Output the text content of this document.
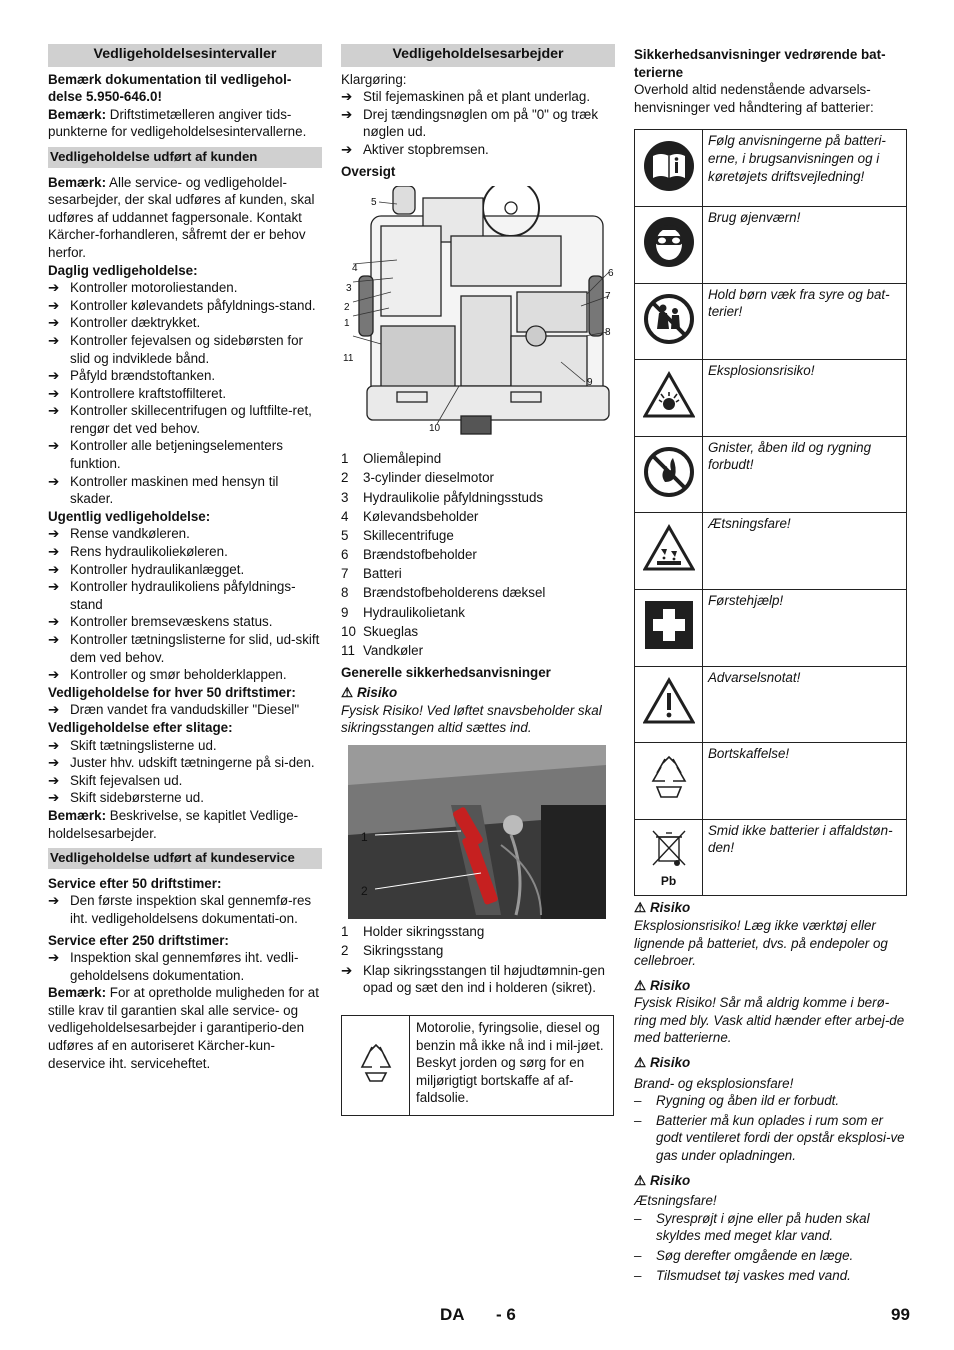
Vedligeholdelsesintervaller

Bemærk dokumentation til vedligehol-delse 5.950-646.0!

Bemærk: Driftstimetælleren angiver tids-punkterne for vedligeholdelsesintervallerne.

Vedligeholdelse udført af kunden

Bemærk: Alle service- og vedligeholdel-sesarbejder, der skal udføres af kunden, skal udføres af uddannet fagpersonale. Kontakt Kärcher-forhandleren, såfremt der er behov herfor.

Daglig vedligeholdelse:

➔ Kontroller motoroliestanden.
➔ Kontroller kølevandets påfyldnings-stand.
➔ Kontroller dæktrykket.
➔ Kontroller fejevalsen og sidebørsten for slid og indviklede bånd.
➔ Påfyld brændstoftanken.
➔ Kontrollere kraftstoffilteret.
➔ Kontroller skillecentrifugen og luftfilte-ret, rengør det ved behov.
➔ Kontroller alle betjeningselementers funktion.
➔ Kontroller maskinen med hensyn til skader.

Ugentlig vedligeholdelse:

➔ Rense vandkøleren.
➔ Rens hydraulikoliekøleren.
➔ Kontroller hydraulikanlægget.
➔ Kontroller hydraulikoliens påfyldnings-stand
➔ Kontroller bremsevæskens status.
➔ Kontroller tætningslisterne for slid, ud-skift dem ved behov.
➔ Kontroller og smør beholderklappen.

Vedligeholdelse for hver 50 driftstimer:

➔ Dræn vandet fra vandudskiller "Diesel"

Vedligeholdelse efter slitage:

➔ Skift tætningslisterne ud.
➔ Juster hhv. udskift tætningerne på si-den.
➔ Skift fejevalsen ud.
➔ Skift sidebørsterne ud.

Bemærk: Beskrivelse, se kapitlet Vedlige-holdelsesarbejder.

Vedligeholdelse udført af kundeservice

Service efter 50 driftstimer:

➔ Den første inspektion skal gennemfø-res iht. vedligeholdelsens dokumentati-on.

Service efter 250 driftstimer:

➔ Inspektion skal gennemføres iht. vedli-geholdelsens dokumentation.

Bemærk: For at opretholde muligheden for at stille krav til garantien skal alle service- og vedligeholdelsesarbejder i garantiperio-den udføres af en autoriseret Kärcher-kun-deservice iht. serviceheftet.

Vedligeholdelsesarbejder

Klargøring:

➔ Stil fejemaskinen på et plant underlag.
➔ Drej tændingsnøglen om på "0" og træk nøglen ud.
➔ Aktiver stopbremsen.

Oversigt

1
2
3
4
5
6
7
8
9
10
11
1	Oliemålepind
2	3-cylinder dieselmotor
3	Hydraulikolie påfyldningsstuds
4	Kølevandsbeholder
5	Skillecentrifuge
6	Brændstofbeholder
7	Batteri
8	Brændstofbeholderens dæksel
9	Hydraulikolietank
10 Skueglas
11 Vandkøler

Generelle sikkerhedsanvisninger

⚠ Risiko

Fysisk Risiko! Ved løftet snavsbeholder skal sikringsstangen altid sættes ind.

1
2
1	Holder sikringsstang
2	Sikringsstang
➔ Klap sikringsstangen til højudtømnin-gen opad og sæt den ind i holderen (sikret).
Motorolie, fyringsolie, diesel og benzin må ikke nå ind i mil-jøet. Beskyt jorden og sørg for en miljørigtigt bortskaffe af af-faldsolie.

Sikkerhedsanvisninger vedrørende bat-terierne

Overhold altid nedenstående advarsels-henvisninger ved håndtering af batterier:

	Følg anvisningerne på batteri-erne, i brugsanvisningen og i køretøjets driftsvejledning!
	Brug øjenværn!
	Hold børn væk fra syre og bat-terier!
	Eksplosionsrisiko!
	Gnister, åben ild og rygning forbudt!
	Ætsningsfare!
	Førstehjælp!
	Advarselsnotat!
	Bortskaffelse!

Pb	Smid ikke batterier i affaldstøn-den!
⚠ Risiko

Eksplosionsrisiko! Læg ikke værktøj eller lignende på batteriet, dvs. på endepoler og cellebroer.

⚠ Risiko

Fysisk Risiko! Sår må aldrig komme i berø-ring med bly. Vask altid hænder efter arbej-de med batterierne.

⚠ Risiko

Brand- og eksplosionsfare!

–	Rygning og åben ild er forbudt.
–	Batterier må kun oplades i rum som er godt ventileret fordi der opstår eksplosi-ve gas under opladningen.
⚠ Risiko

Ætsningsfare!

–	Syresprøjt i øjne eller på huden skal skyldes med meget klar vand.
–	Søg derefter omgående en læge.
–	Tilsmudset tøj vaskes med vand.
DA - 6	99
